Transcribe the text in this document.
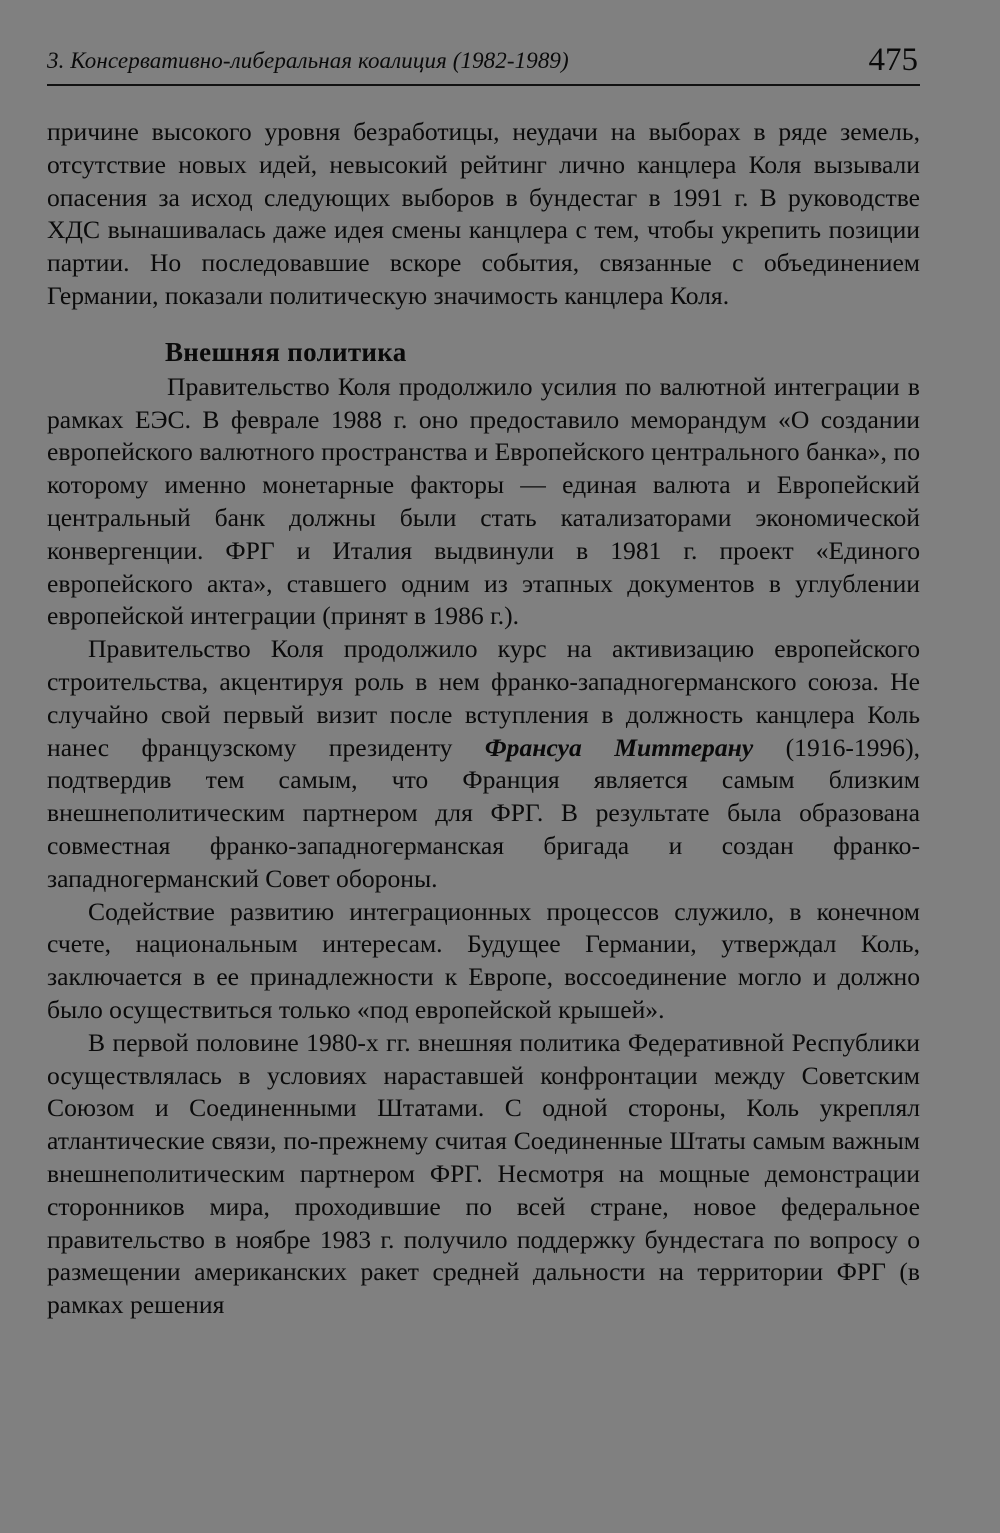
3. Консервативно-либеральная коалиция (1982-1989)	475

причине высокого уровня безработицы, неудачи на выборах в ряде земель, отсутствие новых идей, невысокий рейтинг лично канцлера Коля вызывали опасения за исход следующих выборов в бундестаг в 1991 г. В руководстве ХДС вынашивалась даже идея смены канцлера с тем, чтобы укрепить позиции партии. Но последовавшие вскоре события, связанные с объединением Германии, показали политическую значимость канцлера Коля.

Внешняя политика

Правительство Коля продолжило усилия по валютной интеграции в рамках ЕЭС. В феврале 1988 г. оно предоставило меморандум «О создании европейского валютного пространства и Европейского центрального банка», по которому именно монетарные факторы — единая валюта и Европейский центральный банк должны были стать катализаторами экономической конвергенции. ФРГ и Италия выдвинули в 1981 г. проект «Единого европейского акта», ставшего одним из этапных документов в углублении европейской интеграции (принят в 1986 г.).

Правительство Коля продолжило курс на активизацию европейского строительства, акцентируя роль в нем франко-западногерманского союза. Не случайно свой первый визит после вступления в должность канцлера Коль нанес французскому президенту Франсуа Миттерану (1916-1996), подтвердив тем самым, что Франция является самым близким внешнеполитическим партнером для ФРГ. В результате была образована совместная франко-западногерманская бригада и создан франко-западногерманский Совет обороны.

Содействие развитию интеграционных процессов служило, в конечном счете, национальным интересам. Будущее Германии, утверждал Коль, заключается в ее принадлежности к Европе, воссоединение могло и должно было осуществиться только «под европейской крышей».

В первой половине 1980-х гг. внешняя политика Федеративной Республики осуществлялась в условиях нараставшей конфронтации между Советским Союзом и Соединенными Штатами. С одной стороны, Коль укреплял атлантические связи, по-прежнему считая Соединенные Штаты самым важным внешнеполитическим партнером ФРГ. Несмотря на мощные демонстрации сторонников мира, проходившие по всей стране, новое федеральное правительство в ноябре 1983 г. получило поддержку бундестага по вопросу о размещении американских ракет средней дальности на территории ФРГ (в рамках решения
